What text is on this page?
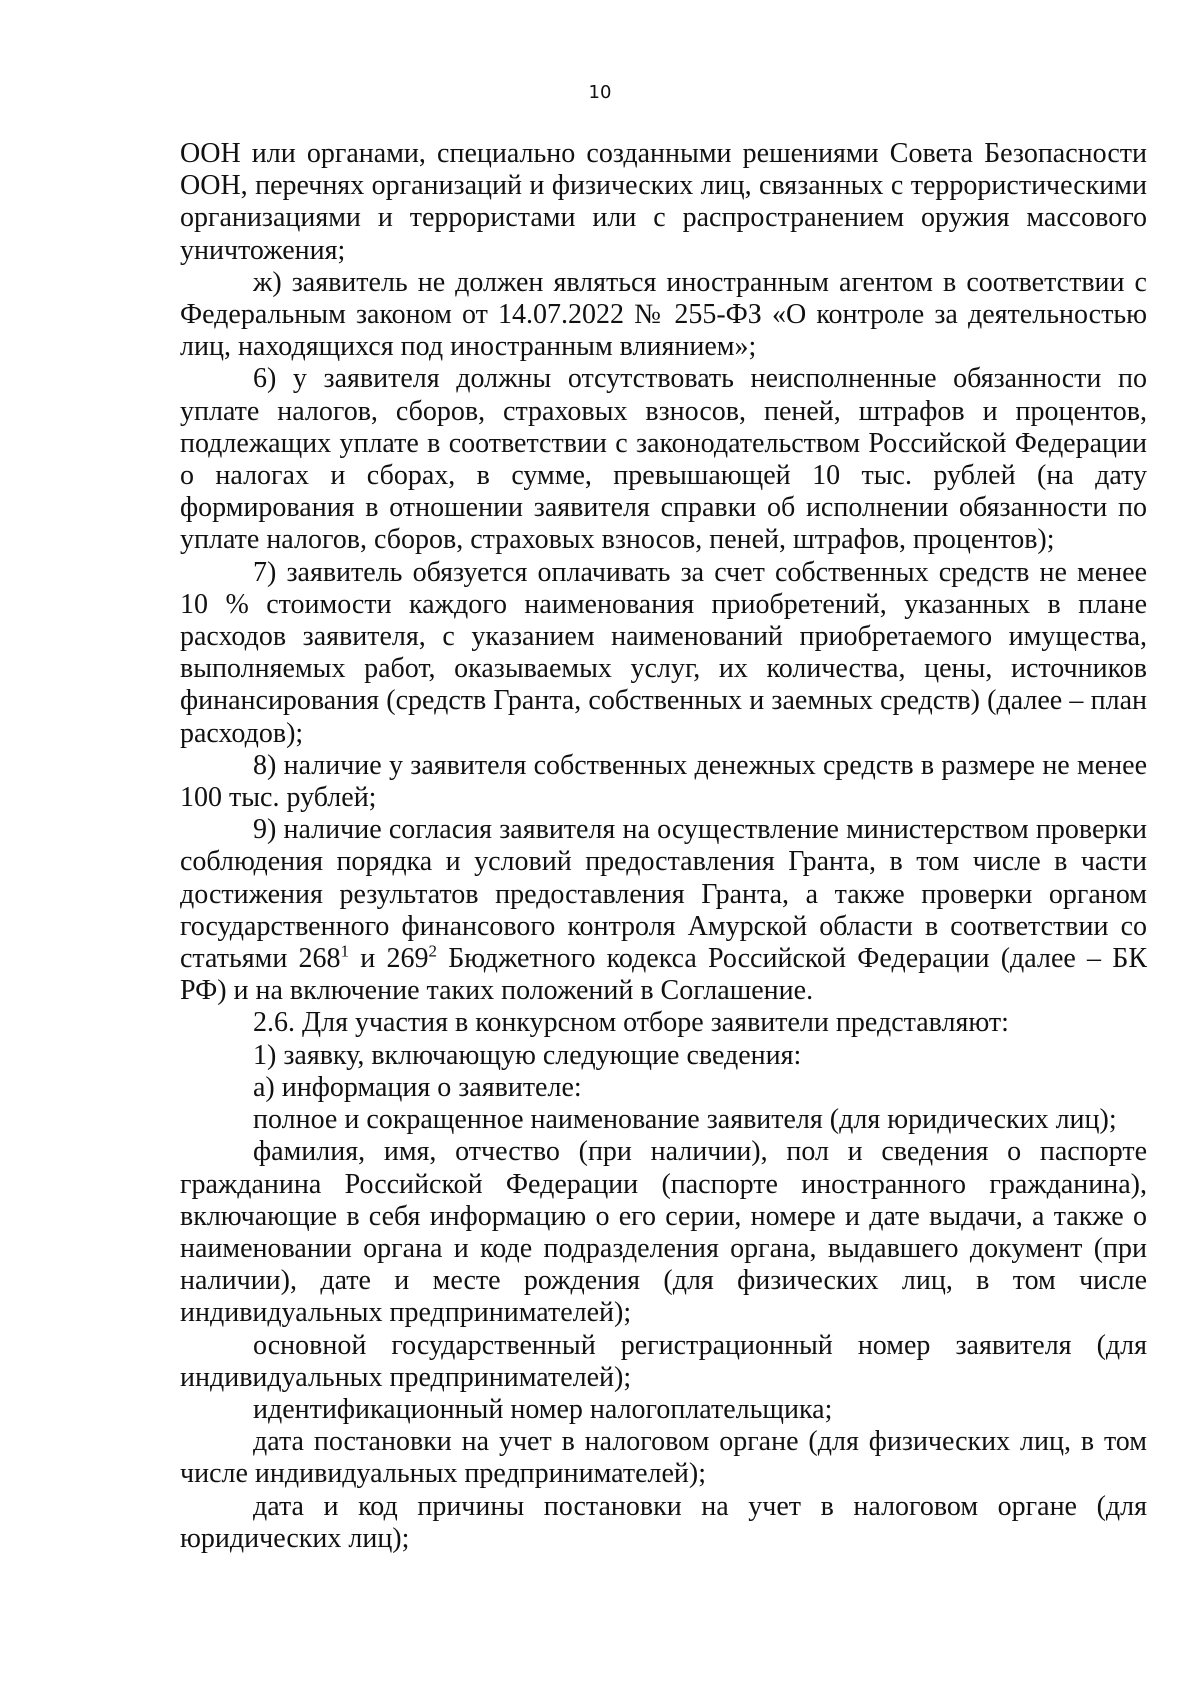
10

ООН или органами, специально созданными решениями Совета Безопасности ООН, перечнях организаций и физических лиц, связанных с террористическими организациями и террористами или с распространением оружия массового уничтожения;

ж) заявитель не должен являться иностранным агентом в соответствии с Федеральным законом от 14.07.2022 № 255-ФЗ «О контроле за деятельностью лиц, находящихся под иностранным влиянием»;

6) у заявителя должны отсутствовать неисполненные обязанности по уплате налогов, сборов, страховых взносов, пеней, штрафов и процентов, подлежащих уплате в соответствии с законодательством Российской Федерации о налогах и сборах, в сумме, превышающей 10 тыс. рублей (на дату формирования в отношении заявителя справки об исполнении обязанности по уплате налогов, сборов, страховых взносов, пеней, штрафов, процентов);

7) заявитель обязуется оплачивать за счет собственных средств не менее 10 % стоимости каждого наименования приобретений, указанных в плане расходов заявителя, с указанием наименований приобретаемого имущества, выполняемых работ, оказываемых услуг, их количества, цены, источников финансирования (средств Гранта, собственных и заемных средств) (далее – план расходов);

8) наличие у заявителя собственных денежных средств в размере не менее 100 тыс. рублей;

9) наличие согласия заявителя на осуществление министерством проверки соблюдения порядка и условий предоставления Гранта, в том числе в части достижения результатов предоставления Гранта, а также проверки органом государственного финансового контроля Амурской области в соответствии со статьями $268^1$ и $269^2$ Бюджетного кодекса Российской Федерации (далее – БК РФ) и на включение таких положений в Соглашение.

2.6. Для участия в конкурсном отборе заявители представляют:

1) заявку, включающую следующие сведения:

а) информация о заявителе:

полное и сокращенное наименование заявителя (для юридических лиц);

фамилия, имя, отчество (при наличии), пол и сведения о паспорте гражданина Российской Федерации (паспорте иностранного гражданина), включающие в себя информацию о его серии, номере и дате выдачи, а также о наименовании органа и коде подразделения органа, выдавшего документ (при наличии), дате и месте рождения (для физических лиц, в том числе индивидуальных предпринимателей);

основной государственный регистрационный номер заявителя (для индивидуальных предпринимателей);

идентификационный номер налогоплательщика;

дата постановки на учет в налоговом органе (для физических лиц, в том числе индивидуальных предпринимателей);

дата и код причины постановки на учет в налоговом органе (для юридических лиц);
